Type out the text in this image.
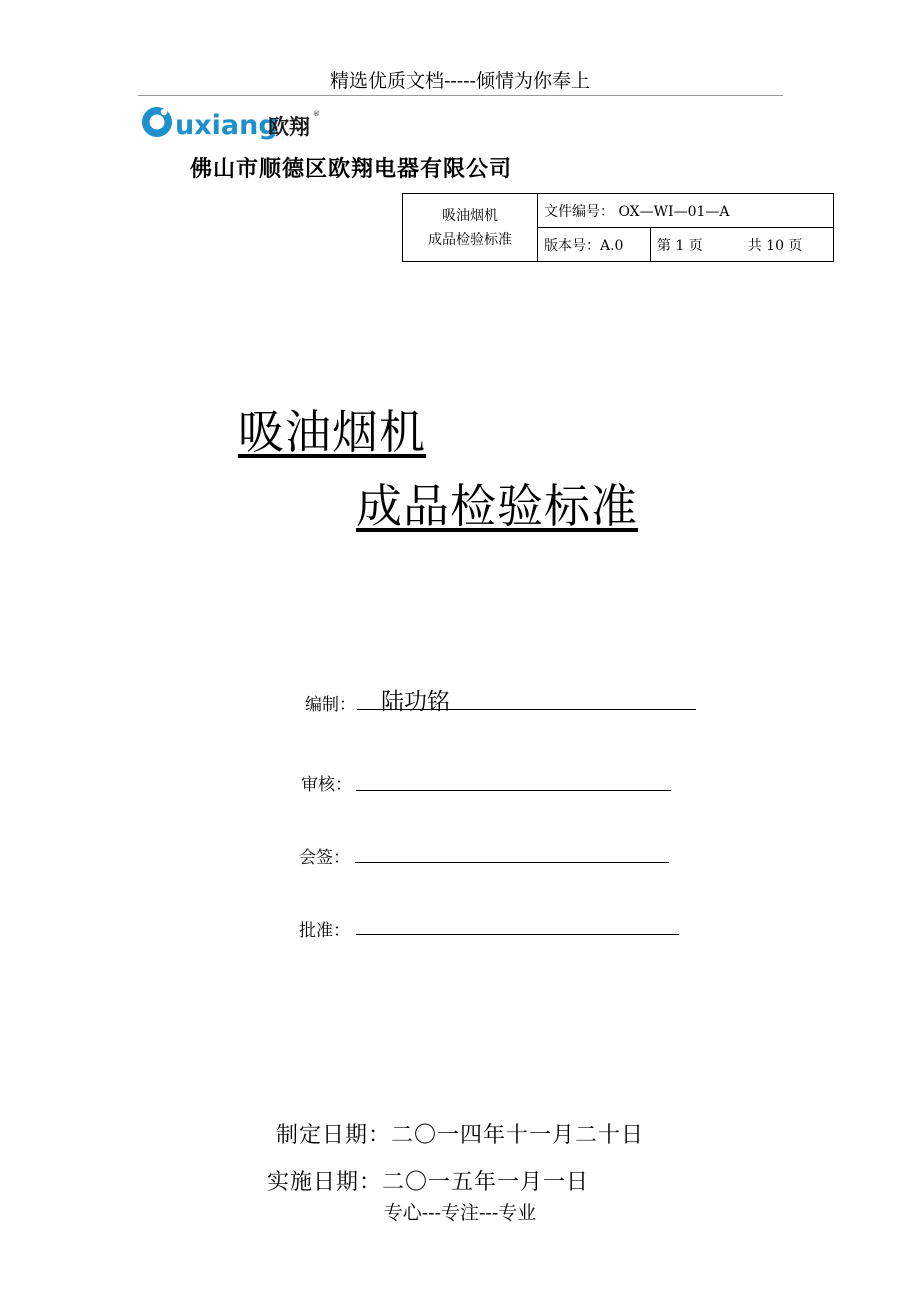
精选优质文档-----倾情为你奉上
uxiang
欧翔
®
佛山市顺德区欧翔电器有限公司
吸油烟机
成品检验标准	文件编号： OX—WI—01—A	
	版本号：A.0	第 1 页 共 10 页
吸油烟机
成品检验标准
编制： 陆功铭
审核：
会签：
批准：
制定日期：二〇一四年十一月二十日
实施日期：二〇一五年一月一日
专心---专注---专业
